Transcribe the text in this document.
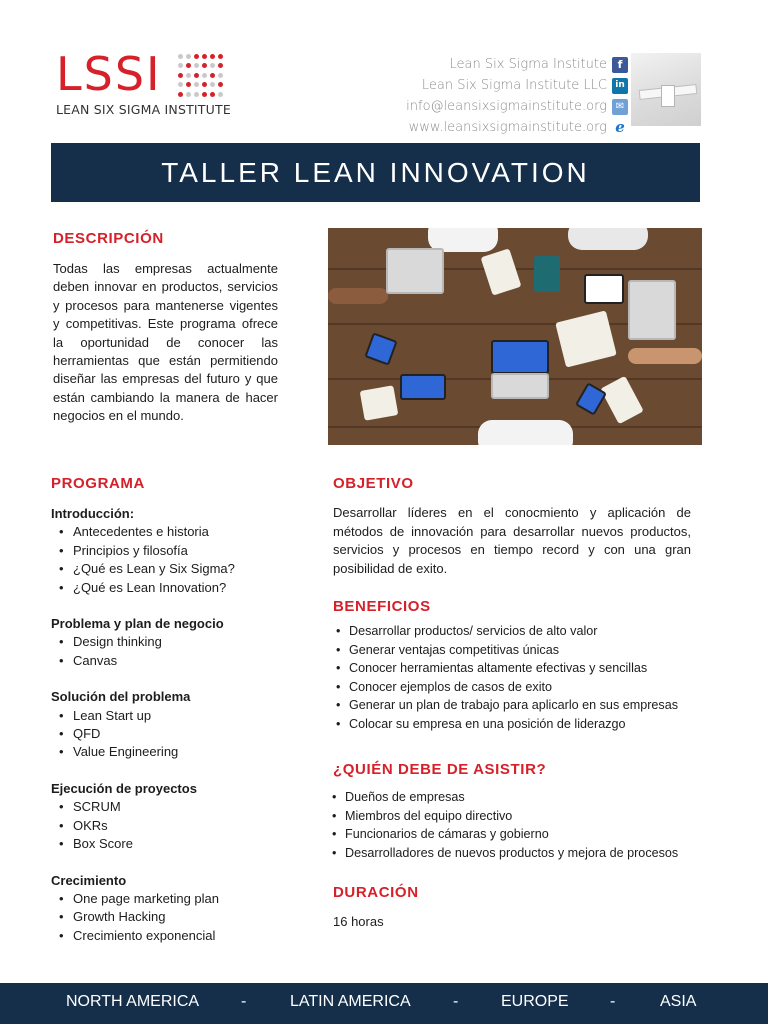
LSSI
LEAN SIX SIGMA INSTITUTE
Lean Six Sigma Institute f
Lean Six Sigma Institute LLC in
info@leansixsigmainstitute.org ✉
www.leansixsigmainstitute.org e
TALLER LEAN INNOVATION
DESCRIPCIÓN

Todas las empresas actualmente deben innovar en productos, servicios y procesos para mantenerse vigentes y competitivas. Este programa ofrece la oportunidad de conocer las herramientas que están permitiendo diseñar las empresas del futuro y que están cambiando la manera de hacer negocios en el mundo.

PROGRAMA
Introducción:
• Antecedentes e historia
• Principios y filosofía
• ¿Qué es Lean y Six Sigma?
• ¿Qué es Lean Innovation?
Problema y plan de negocio
• Design thinking
• Canvas
Solución del problema
• Lean Start up
• QFD
• Value Engineering
Ejecución de proyectos
• SCRUM
• OKRs
• Box Score
Crecimiento
• One page marketing plan
• Growth Hacking
• Crecimiento exponencial
OBJETIVO

Desarrollar líderes en el conocmiento y aplicación de métodos de innovación para desarrollar nuevos productos, servicios y procesos en tiempo record y con una gran posibilidad de exito.

BENEFICIOS
• Desarrollar productos/ servicios de alto valor
• Generar ventajas competitivas únicas
• Conocer herramientas altamente efectivas y sencillas
• Conocer ejemplos de casos de exito
• Generar un plan de trabajo para aplicarlo en sus empresas
• Colocar su empresa en una posición de liderazgo
¿QUIÉN DEBE DE ASISTIR?
• Dueños de empresas
• Miembros del equipo directivo
• Funcionarios de cámaras y gobierno
• Desarrolladores de nuevos productos y mejora de procesos
DURACIÓN
16 horas
NORTH AMERICA	-	LATIN AMERICA	-	EUROPE	-	ASIA
